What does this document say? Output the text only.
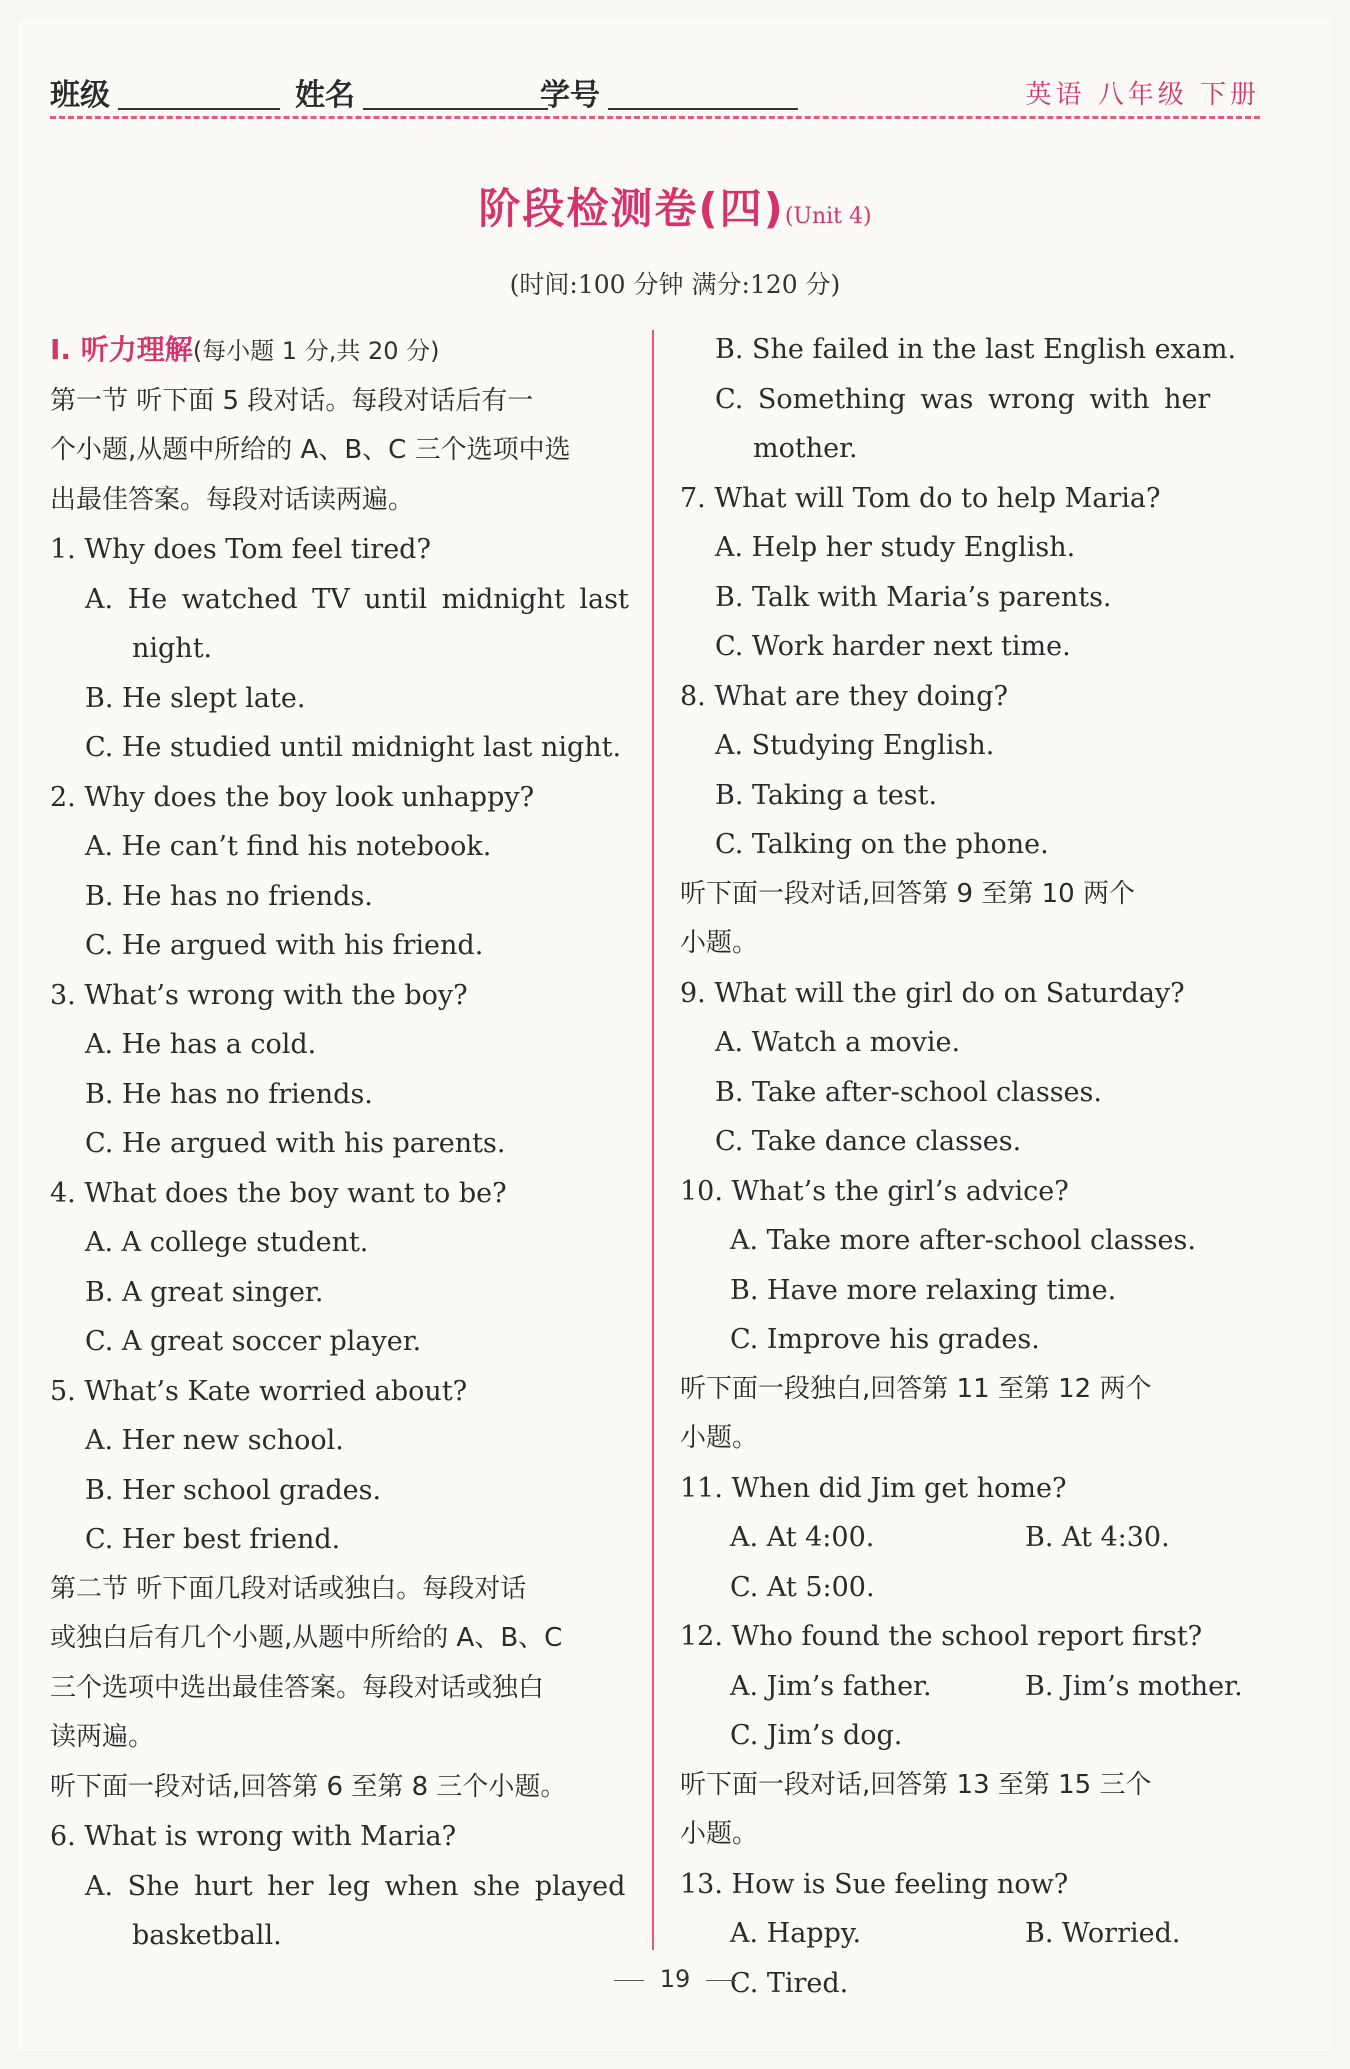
班级	姓名	学号	英语 八年级 下册
阶段检测卷(四)(Unit 4)
(时间:100 分钟 满分:120 分)
Ⅰ. 听力理解(每小题 1 分,共 20 分)
第一节 听下面 5 段对话。每段对话后有一
个小题,从题中所给的 A、B、C 三个选项中选
出最佳答案。每段对话读两遍。
1. Why does Tom feel tired?
A. He watched TV until midnight last
night.
B. He slept late.
C. He studied until midnight last night.
2. Why does the boy look unhappy?
A. He can’t find his notebook.
B. He has no friends.
C. He argued with his friend.
3. What’s wrong with the boy?
A. He has a cold.
B. He has no friends.
C. He argued with his parents.
4. What does the boy want to be?
A. A college student.
B. A great singer.
C. A great soccer player.
5. What’s Kate worried about?
A. Her new school.
B. Her school grades.
C. Her best friend.
第二节 听下面几段对话或独白。每段对话
或独白后有几个小题,从题中所给的 A、B、C
三个选项中选出最佳答案。每段对话或独白
读两遍。
听下面一段对话,回答第 6 至第 8 三个小题。
6. What is wrong with Maria?
A. She hurt her leg when she played
basketball.
B. She failed in the last English exam.
C. Something was wrong with her
mother.
7. What will Tom do to help Maria?
A. Help her study English.
B. Talk with Maria’s parents.
C. Work harder next time.
8. What are they doing?
A. Studying English.
B. Taking a test.
C. Talking on the phone.
听下面一段对话,回答第 9 至第 10 两个
小题。
9. What will the girl do on Saturday?
A. Watch a movie.
B. Take after-school classes.
C. Take dance classes.
10. What’s the girl’s advice?
A. Take more after-school classes.
B. Have more relaxing time.
C. Improve his grades.
听下面一段独白,回答第 11 至第 12 两个
小题。
11. When did Jim get home?
A. At 4:00.	B. At 4:30.
C. At 5:00.
12. Who found the school report first?
A. Jim’s father.	B. Jim’s mother.
C. Jim’s dog.
听下面一段对话,回答第 13 至第 15 三个
小题。
13. How is Sue feeling now?
A. Happy.	B. Worried.
C. Tired.
19
